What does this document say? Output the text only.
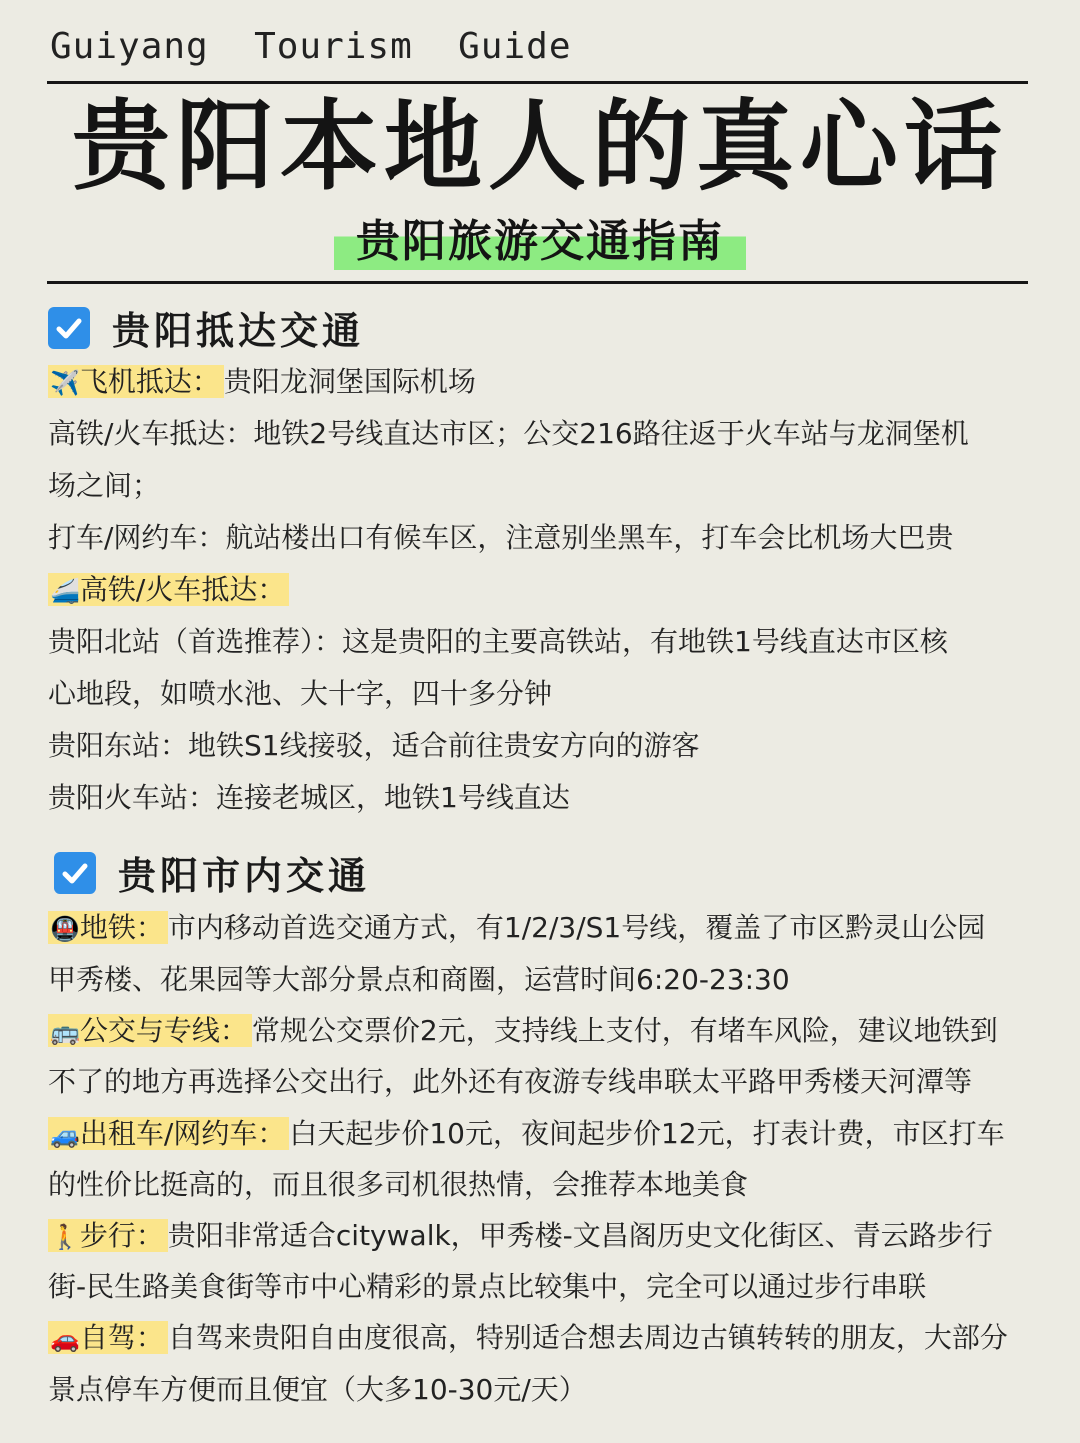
Guiyang  Tourism  Guide
贵阳本地人的真心话
贵阳旅游交通指南
贵阳抵达交通
✈️飞机抵达： 贵阳龙洞堡国际机场
高铁/火车抵达：地铁2号线直达市区；公交216路往返于火车站与龙洞堡机
场之间；
打车/网约车：航站楼出口有候车区，注意别坐黑车，打车会比机场大巴贵
🚄高铁/火车抵达：
贵阳北站（首选推荐）：这是贵阳的主要高铁站，有地铁1号线直达市区核
心地段，如喷水池、大十字，四十多分钟
贵阳东站：地铁S1线接驳，适合前往贵安方向的游客
贵阳火车站：连接老城区，地铁1号线直达
贵阳市内交通
🚇地铁： 市内移动首选交通方式，有1/2/3/S1号线，覆盖了市区黔灵山公园
甲秀楼、花果园等大部分景点和商圈，运营时间6:20-23:30
🚌公交与专线： 常规公交票价2元，支持线上支付，有堵车风险，建议地铁到
不了的地方再选择公交出行，此外还有夜游专线串联太平路甲秀楼天河潭等
🚙出租车/网约车： 白天起步价10元，夜间起步价12元，打表计费，市区打车
的性价比挺高的，而且很多司机很热情，会推荐本地美食
🚶步行： 贵阳非常适合citywalk，甲秀楼-文昌阁历史文化街区、青云路步行
街-民生路美食街等市中心精彩的景点比较集中，完全可以通过步行串联
🚗自驾： 自驾来贵阳自由度很高，特别适合想去周边古镇转转的朋友，大部分
景点停车方便而且便宜（大多10-30元/天）
